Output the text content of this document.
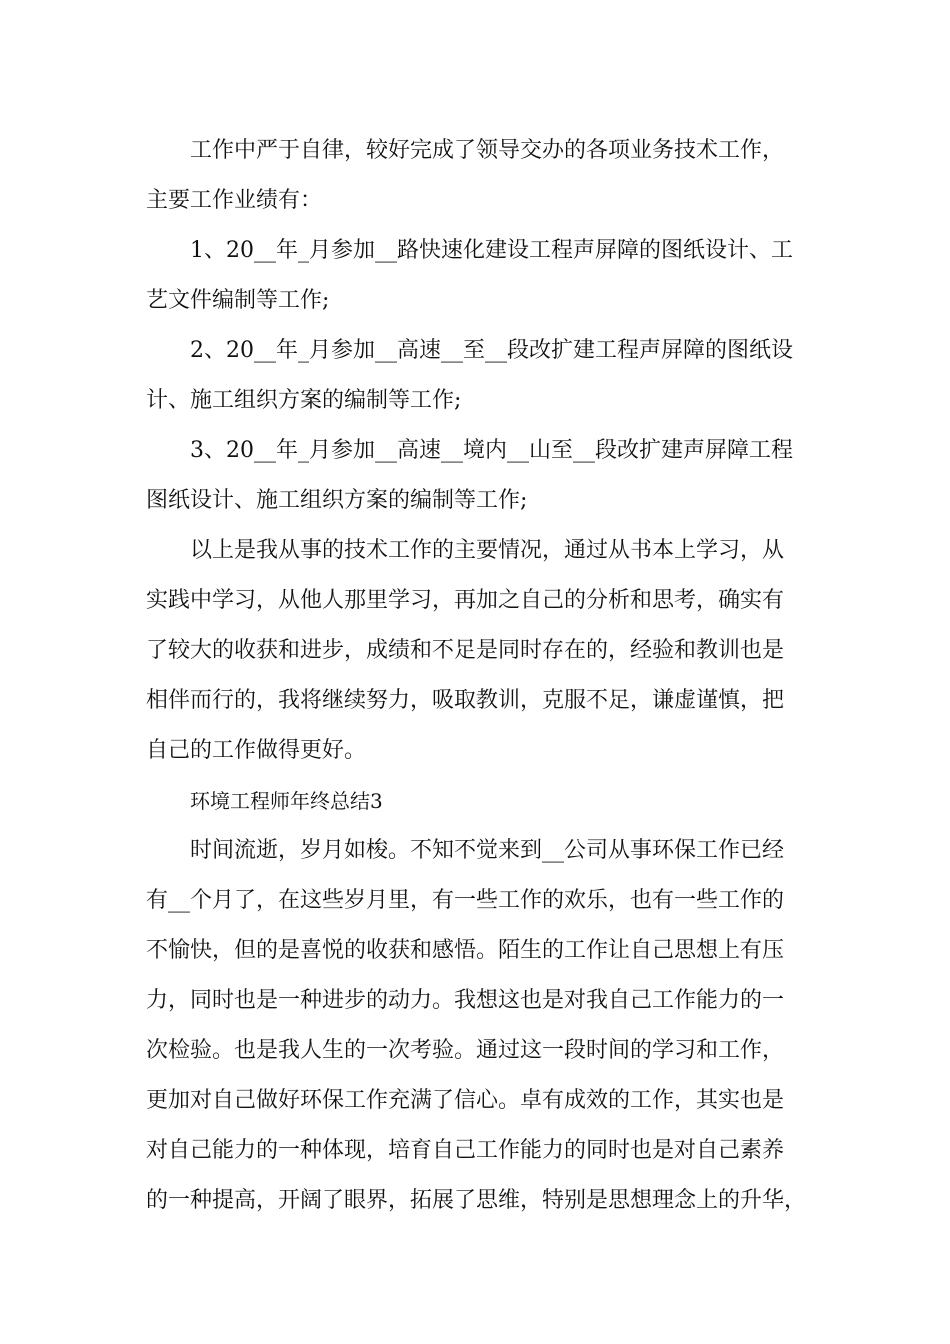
工作中严于自律，较好完成了领导交办的各项业务技术工作，
主要工作业绩有：
1、20__年_月参加__路快速化建设工程声屏障的图纸设计、工
艺文件编制等工作;
2、20__年_月参加__高速__至__段改扩建工程声屏障的图纸设
计、施工组织方案的编制等工作;
3、20__年_月参加__高速__境内__山至__段改扩建声屏障工程
图纸设计、施工组织方案的编制等工作;
以上是我从事的技术工作的主要情况，通过从书本上学习，从
实践中学习，从他人那里学习，再加之自己的分析和思考，确实有
了较大的收获和进步，成绩和不足是同时存在的，经验和教训也是
相伴而行的，我将继续努力，吸取教训，克服不足，谦虚谨慎，把
自己的工作做得更好。
环境工程师年终总结3
时间流逝，岁月如梭。不知不觉来到__公司从事环保工作已经
有__个月了，在这些岁月里，有一些工作的欢乐，也有一些工作的
不愉快，但的是喜悦的收获和感悟。陌生的工作让自己思想上有压
力，同时也是一种进步的动力。我想这也是对我自己工作能力的一
次检验。也是我人生的一次考验。通过这一段时间的学习和工作，
更加对自己做好环保工作充满了信心。卓有成效的工作，其实也是
对自己能力的一种体现，培育自己工作能力的同时也是对自己素养
的一种提高，开阔了眼界，拓展了思维，特别是思想理念上的升华，
